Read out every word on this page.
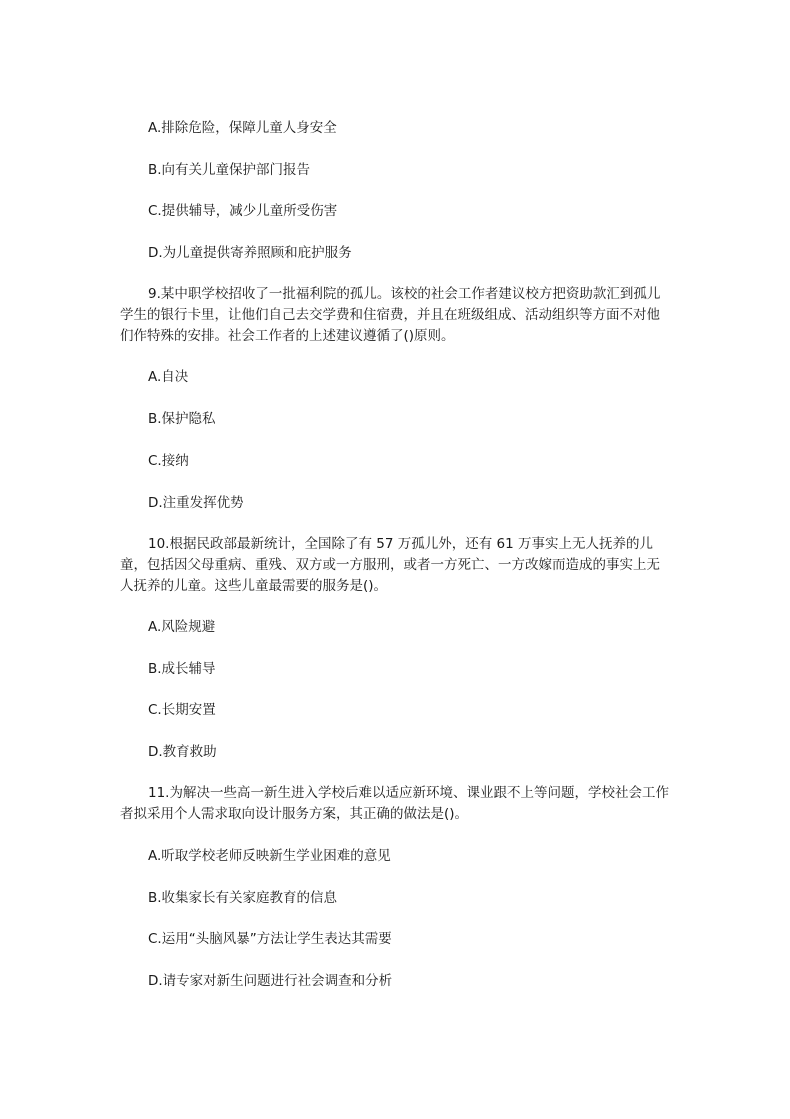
A.排除危险，保障儿童人身安全
B.向有关儿童保护部门报告
C.提供辅导，减少儿童所受伤害
D.为儿童提供寄养照顾和庇护服务
9.某中职学校招收了一批福利院的孤儿。该校的社会工作者建议校方把资助款汇到孤儿学生的银行卡里，让他们自己去交学费和住宿费，并且在班级组成、活动组织等方面不对他们作特殊的安排。社会工作者的上述建议遵循了()原则。
A.自决
B.保护隐私
C.接纳
D.注重发挥优势
10.根据民政部最新统计，全国除了有 57 万孤儿外，还有 61 万事实上无人抚养的儿童，包括因父母重病、重残、双方或一方服刑，或者一方死亡、一方改嫁而造成的事实上无人抚养的儿童。这些儿童最需要的服务是()。
A.风险规避
B.成长辅导
C.长期安置
D.教育救助
11.为解决一些高一新生进入学校后难以适应新环境、课业跟不上等问题，学校社会工作者拟采用个人需求取向设计服务方案，其正确的做法是()。
A.听取学校老师反映新生学业困难的意见
B.收集家长有关家庭教育的信息
C.运用“头脑风暴”方法让学生表达其需要
D.请专家对新生问题进行社会调查和分析
